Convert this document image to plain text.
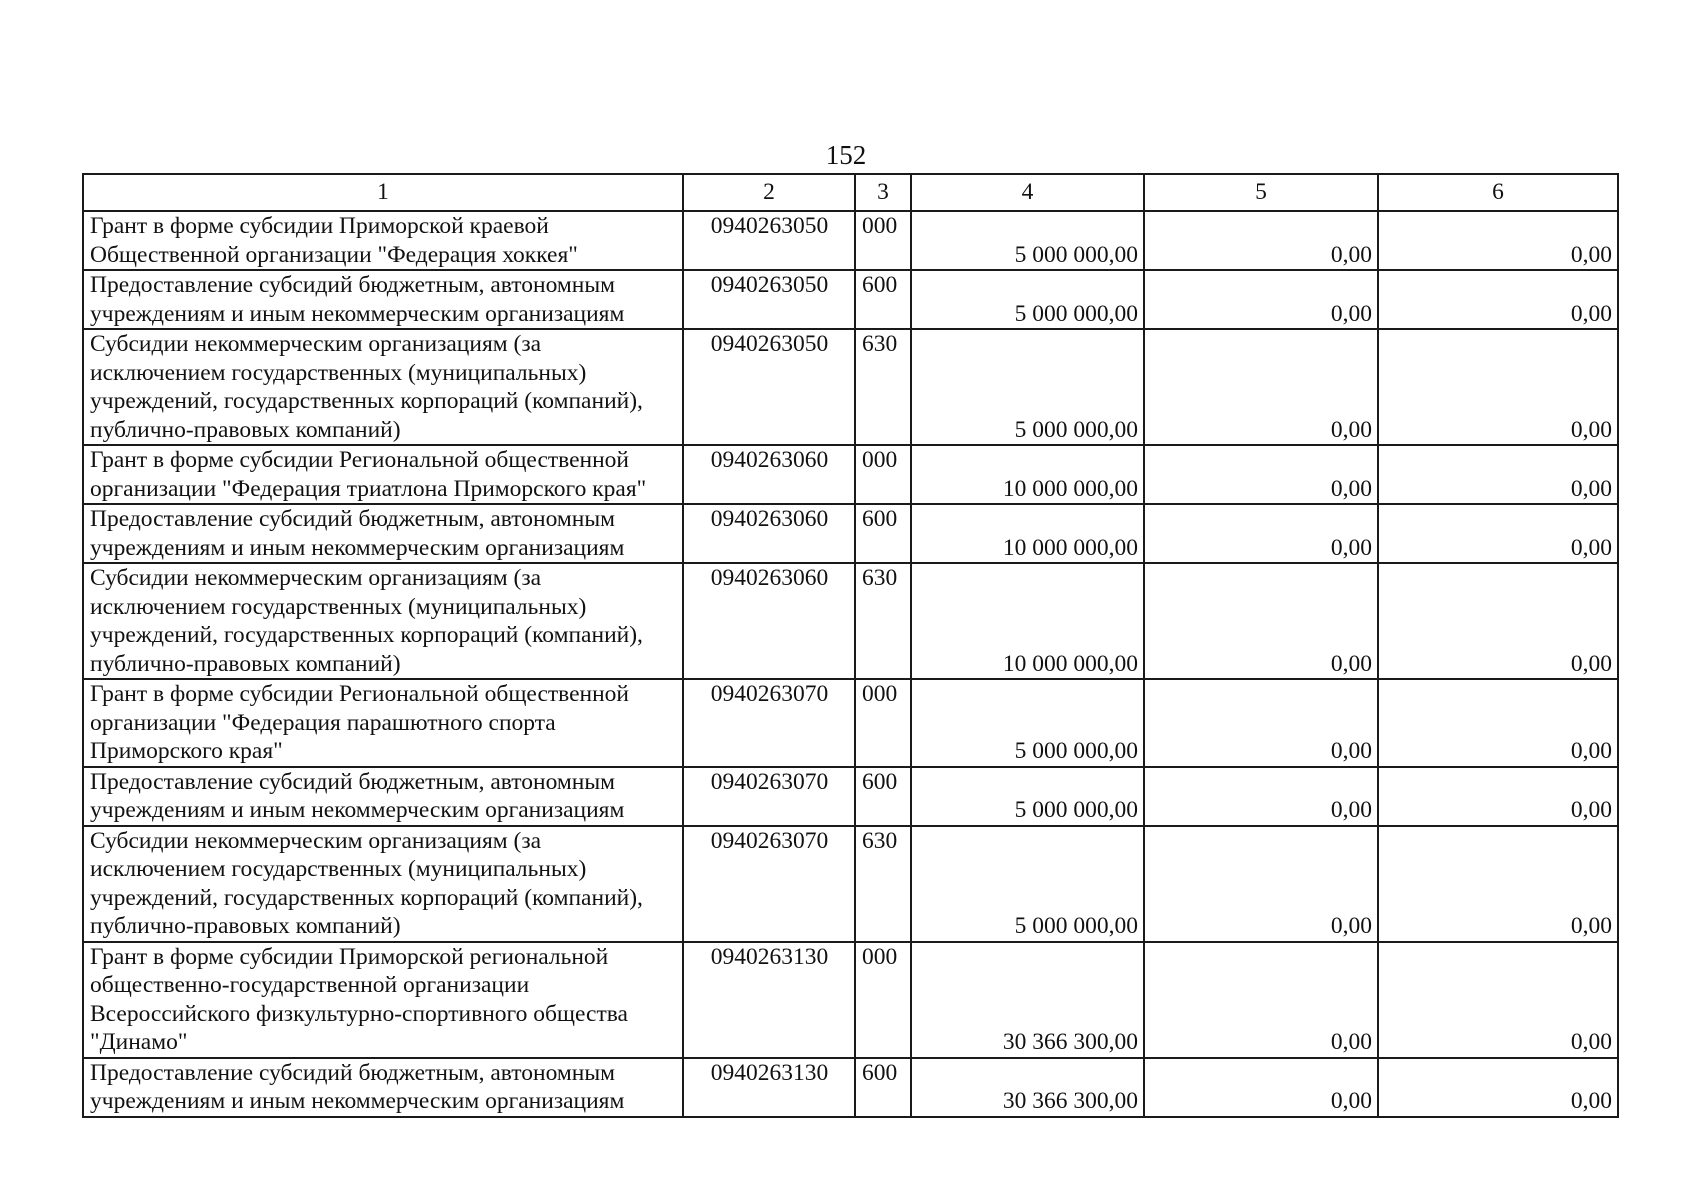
152
1	2	3	4	5	6
Грант в форме субсидии Приморской краевой Общественной организации "Федерация хоккея"	0940263050	000	5 000 000,00	0,00	0,00
Предоставление субсидий бюджетным, автономным учреждениям и иным некоммерческим организациям	0940263050	600	5 000 000,00	0,00	0,00
Субсидии некоммерческим организациям (за исключением государственных (муниципальных) учреждений, государственных корпораций (компаний), публично-правовых компаний)	0940263050	630	5 000 000,00	0,00	0,00
Грант в форме субсидии Региональной общественной организации "Федерация триатлона Приморского края"	0940263060	000	10 000 000,00	0,00	0,00
Предоставление субсидий бюджетным, автономным учреждениям и иным некоммерческим организациям	0940263060	600	10 000 000,00	0,00	0,00
Субсидии некоммерческим организациям (за исключением государственных (муниципальных) учреждений, государственных корпораций (компаний), публично-правовых компаний)	0940263060	630	10 000 000,00	0,00	0,00
Грант в форме субсидии Региональной общественной организации "Федерация парашютного спорта Приморского края"	0940263070	000	5 000 000,00	0,00	0,00
Предоставление субсидий бюджетным, автономным учреждениям и иным некоммерческим организациям	0940263070	600	5 000 000,00	0,00	0,00
Субсидии некоммерческим организациям (за исключением государственных (муниципальных) учреждений, государственных корпораций (компаний), публично-правовых компаний)	0940263070	630	5 000 000,00	0,00	0,00
Грант в форме субсидии Приморской региональной общественно-государственной организации Всероссийского физкультурно-спортивного общества "Динамо"	0940263130	000	30 366 300,00	0,00	0,00
Предоставление субсидий бюджетным, автономным учреждениям и иным некоммерческим организациям	0940263130	600	30 366 300,00	0,00	0,00
